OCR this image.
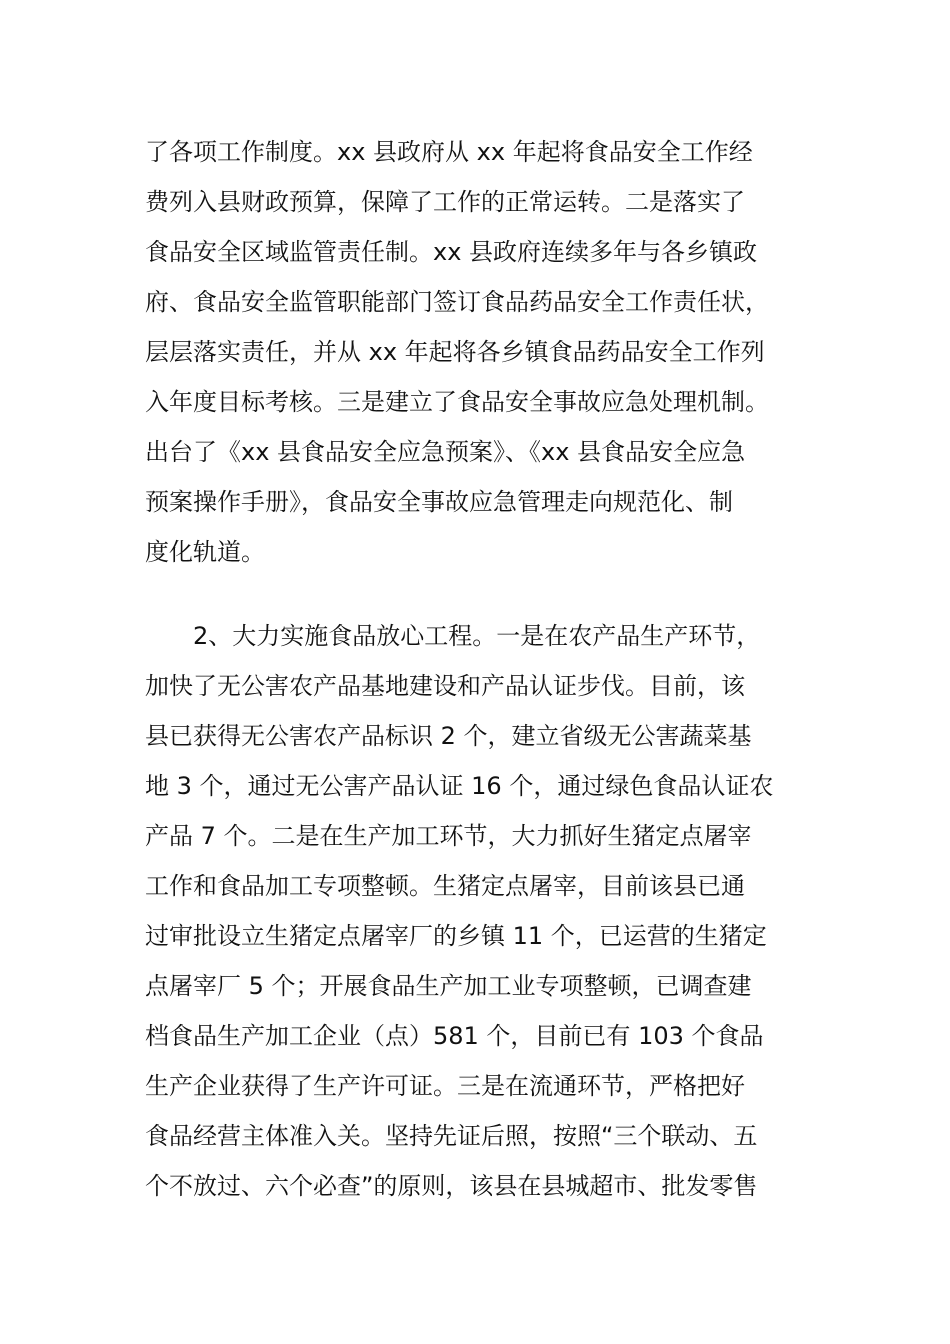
了各项工作制度。xx 县政府从 xx 年起将食品安全工作经
费列入县财政预算，保障了工作的正常运转。二是落实了
食品安全区域监管责任制。xx 县政府连续多年与各乡镇政
府、食品安全监管职能部门签订食品药品安全工作责任状，
层层落实责任，并从 xx 年起将各乡镇食品药品安全工作列
入年度目标考核。三是建立了食品安全事故应急处理机制。
出台了《xx 县食品安全应急预案》、《xx 县食品安全应急
预案操作手册》，食品安全事故应急管理走向规范化、制
度化轨道。
2、大力实施食品放心工程。一是在农产品生产环节，
加快了无公害农产品基地建设和产品认证步伐。目前，该
县已获得无公害农产品标识 2 个，建立省级无公害蔬菜基
地 3 个，通过无公害产品认证 16 个，通过绿色食品认证农
产品 7 个。二是在生产加工环节，大力抓好生猪定点屠宰
工作和食品加工专项整顿。生猪定点屠宰，目前该县已通
过审批设立生猪定点屠宰厂的乡镇 11 个，已运营的生猪定
点屠宰厂 5 个；开展食品生产加工业专项整顿，已调查建
档食品生产加工企业（点）581 个，目前已有 103 个食品
生产企业获得了生产许可证。三是在流通环节，严格把好
食品经营主体准入关。坚持先证后照，按照“三个联动、五
个不放过、六个必查”的原则，该县在县城超市、批发零售
